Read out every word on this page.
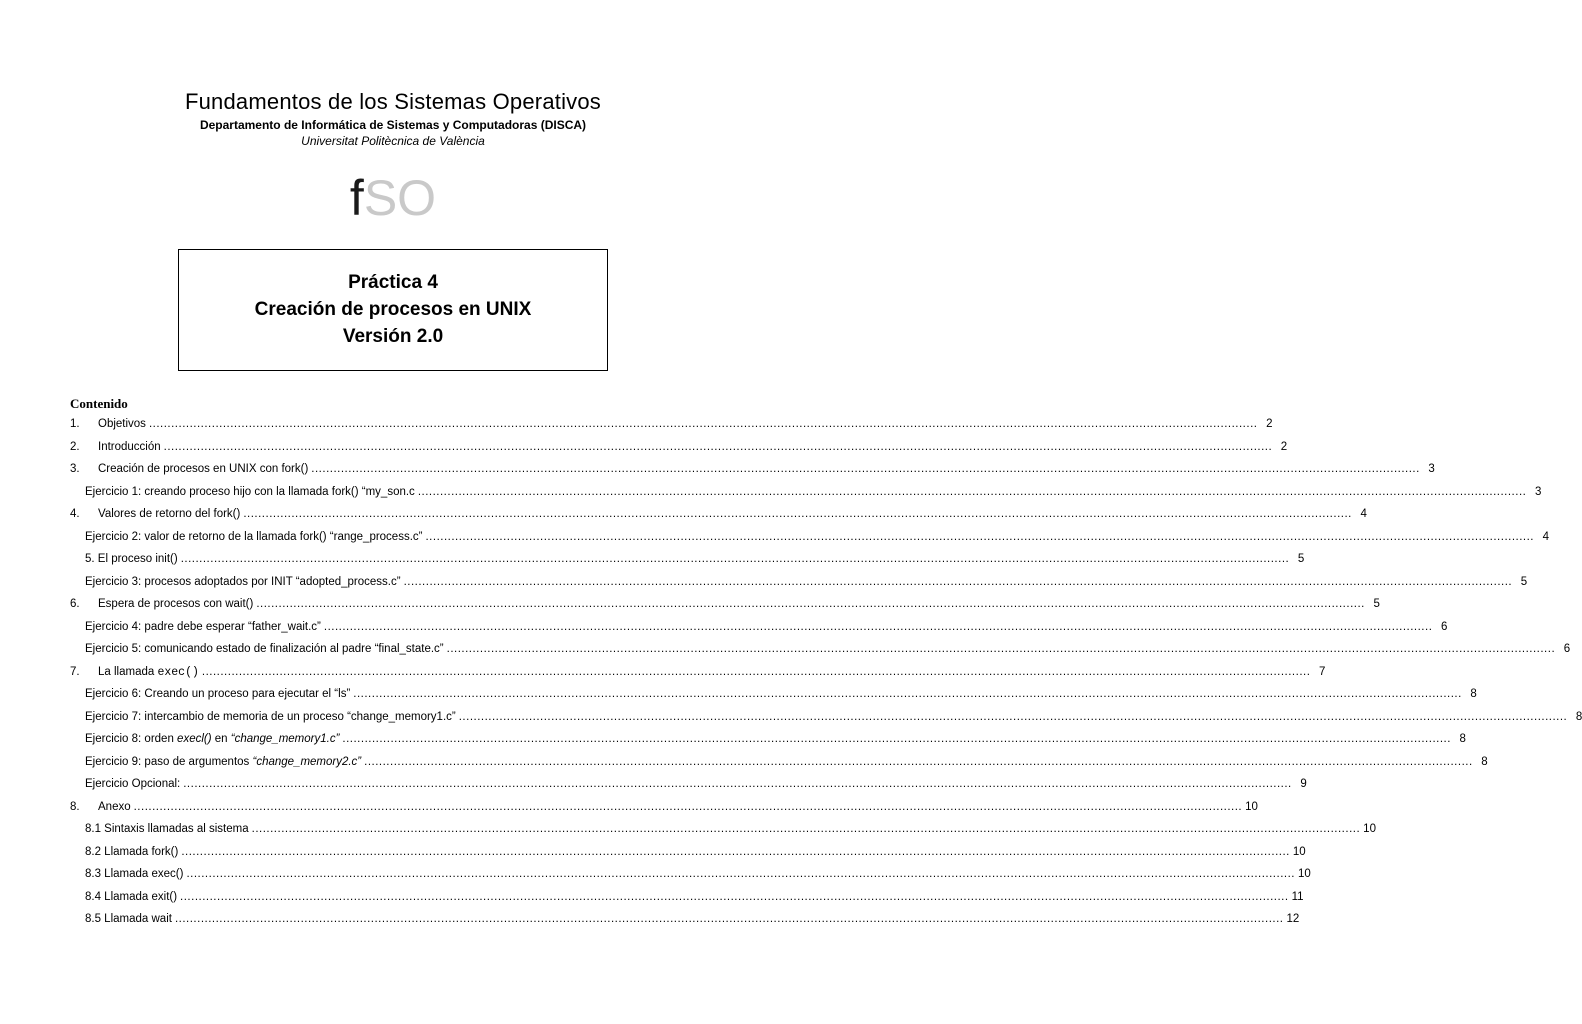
Fundamentos de los Sistemas Operativos
Departamento de Informática de Sistemas y Computadoras (DISCA)
Universitat Politècnica de València
fSO
Práctica 4
Creación de procesos en UNIX
Versión 2.0
Contenido
1. Objetivos ............................................................................................................................................................................................................................................................................................................ 2
2. Introducción ............................................................................................................................................................................................................................................................................................................ 2
3. Creación de procesos en UNIX con fork() ............................................................................................................................................................................................................................................................................................................ 3
Ejercicio 1: creando proceso hijo con la llamada fork() “my_son.c ............................................................................................................................................................................................................................................................................................................ 3
4. Valores de retorno del fork() ............................................................................................................................................................................................................................................................................................................ 4
Ejercicio 2: valor de retorno de la llamada fork() “range_process.c” ............................................................................................................................................................................................................................................................................................................ 4
5. El proceso init() ............................................................................................................................................................................................................................................................................................................ 5
Ejercicio 3: procesos adoptados por INIT “adopted_process.c” ............................................................................................................................................................................................................................................................................................................ 5
6. Espera de procesos con wait() ............................................................................................................................................................................................................................................................................................................ 5
Ejercicio 4: padre debe esperar “father_wait.c” ............................................................................................................................................................................................................................................................................................................ 6
Ejercicio 5: comunicando estado de finalización al padre “final_state.c” ............................................................................................................................................................................................................................................................................................................ 6
7. La llamada exec() ............................................................................................................................................................................................................................................................................................................ 7
Ejercicio 6: Creando un proceso para ejecutar el “ls” ............................................................................................................................................................................................................................................................................................................ 8
Ejercicio 7: intercambio de memoria de un proceso “change_memory1.c” ............................................................................................................................................................................................................................................................................................................ 8
Ejercicio 8: orden execl() en “change_memory1.c” ............................................................................................................................................................................................................................................................................................................ 8
Ejercicio 9: paso de argumentos “change_memory2.c” ............................................................................................................................................................................................................................................................................................................ 8
Ejercicio Opcional: ............................................................................................................................................................................................................................................................................................................ 9
8. Anexo ............................................................................................................................................................................................................................................................................................................ 10
8.1 Sintaxis llamadas al sistema ............................................................................................................................................................................................................................................................................................................ 10
8.2 Llamada fork() ............................................................................................................................................................................................................................................................................................................ 10
8.3 Llamada exec() ............................................................................................................................................................................................................................................................................................................ 10
8.4 Llamada exit() ............................................................................................................................................................................................................................................................................................................ 11
8.5 Llamada wait ............................................................................................................................................................................................................................................................................................................ 12
